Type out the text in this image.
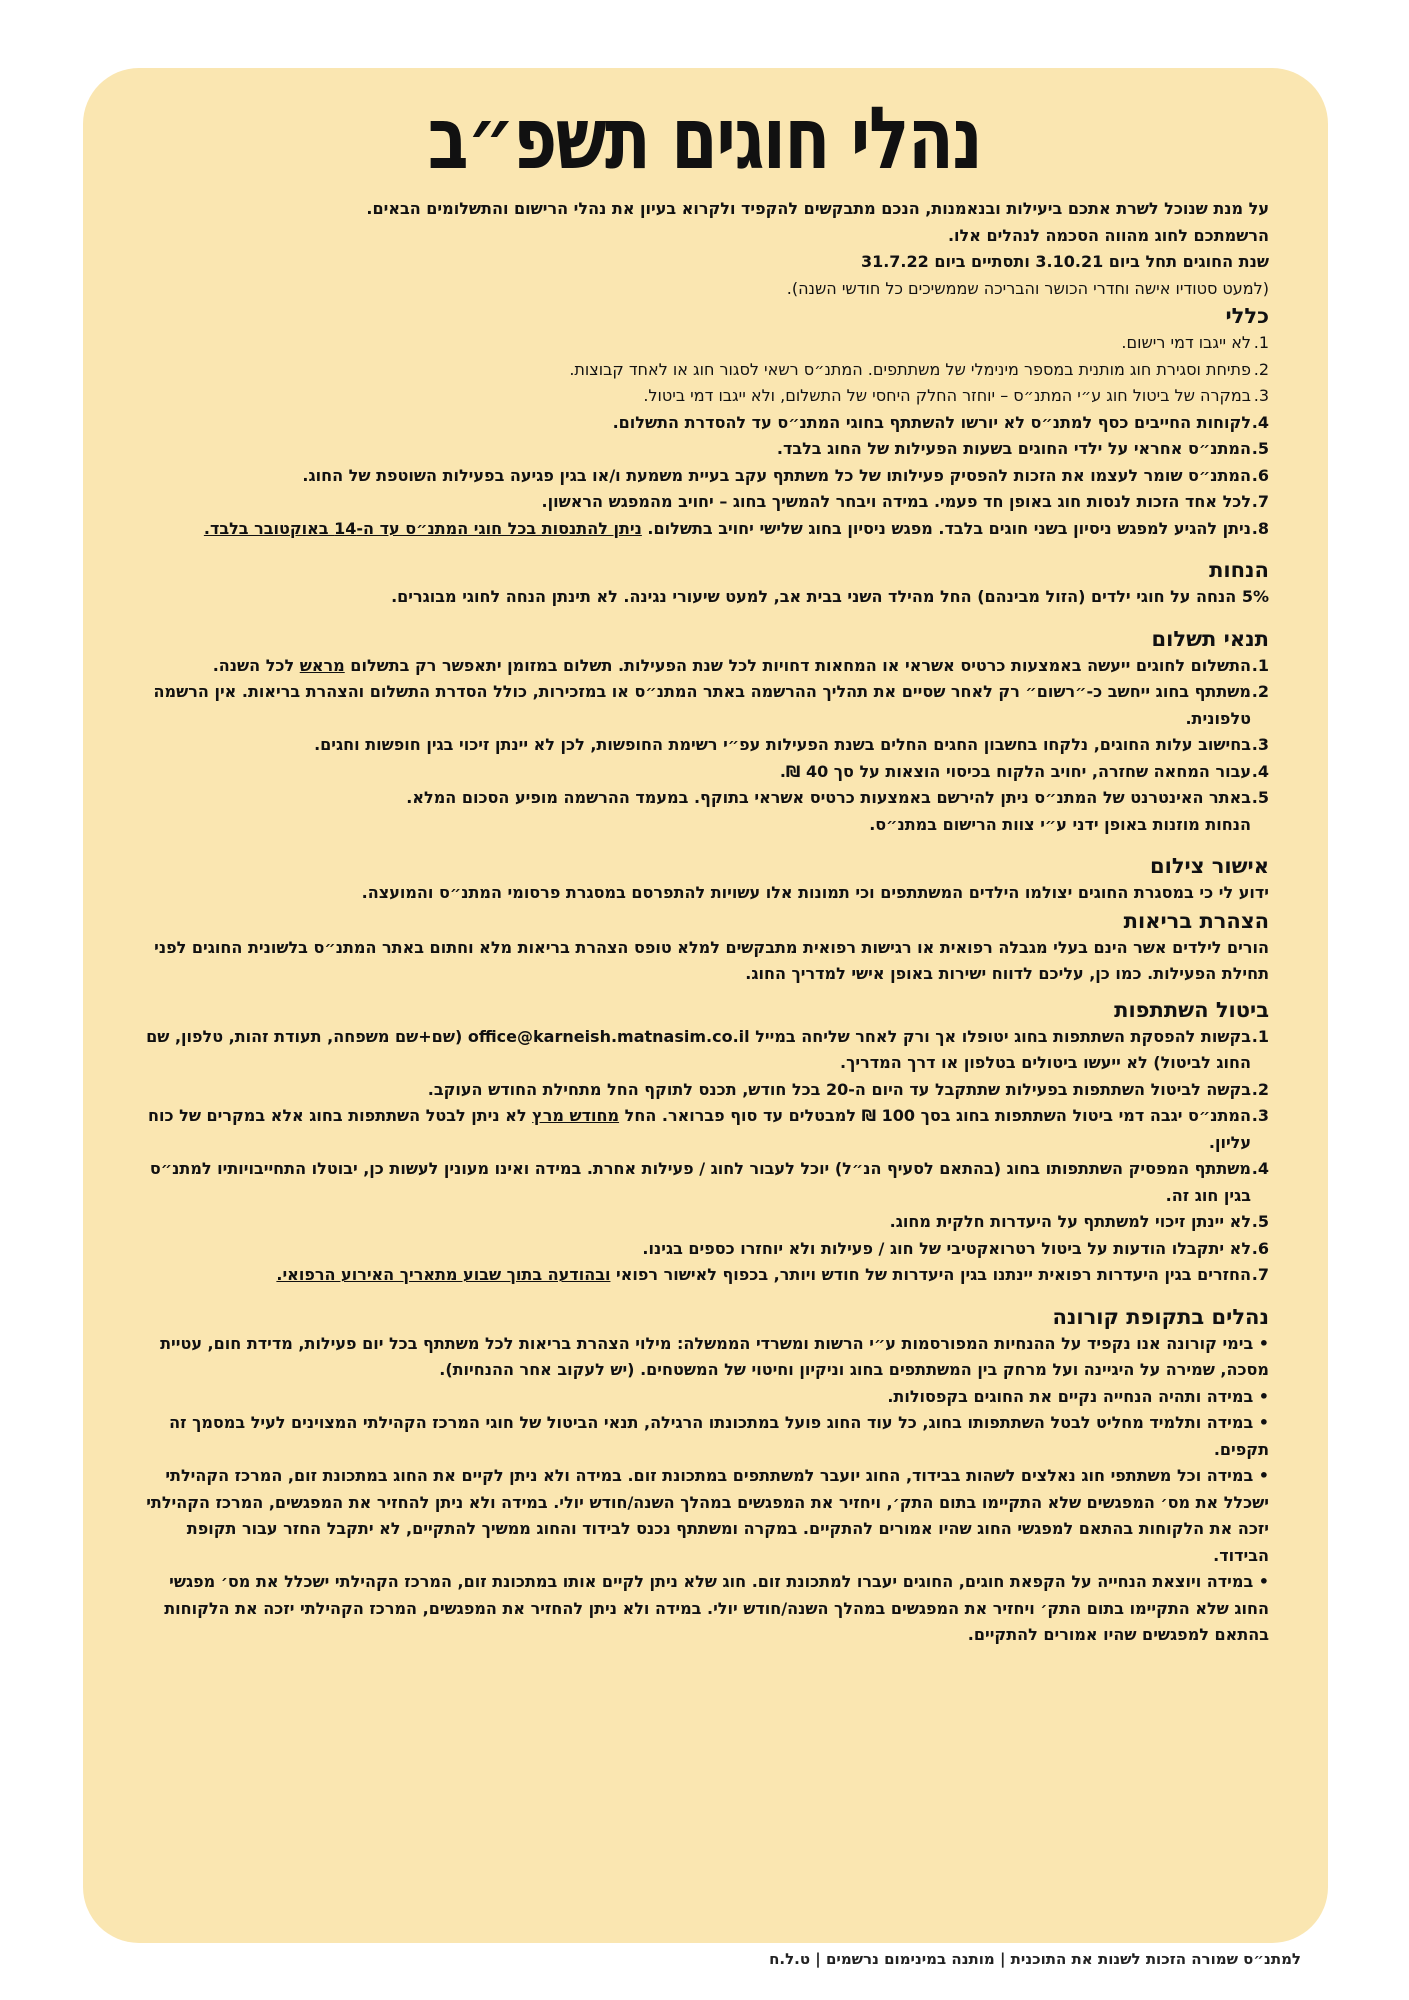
נהלי חוגים תשפ״ב

על מנת שנוכל לשרת אתכם ביעילות ובנאמנות, הנכם מתבקשים להקפיד ולקרוא בעיון את נהלי הרישום והתשלומים הבאים.

הרשמתכם לחוג מהווה הסכמה לנהלים אלו.

שנת החוגים תחל ביום 3.10.21 ותסתיים ביום 31.7.22

(למעט סטודיו אישה וחדרי הכושר והבריכה שממשיכים כל חודשי השנה).

כללי
1.
לא ייגבו דמי רישום.
2.
פתיחת וסגירת חוג מותנית במספר מינימלי של משתתפים. המתנ״ס רשאי לסגור חוג או לאחד קבוצות.
3.
במקרה של ביטול חוג ע״י המתנ״ס – יוחזר החלק היחסי של התשלום, ולא ייגבו דמי ביטול.
4.
לקוחות החייבים כסף למתנ״ס לא יורשו להשתתף בחוגי המתנ״ס עד להסדרת התשלום.
5.
המתנ״ס אחראי על ילדי החוגים בשעות הפעילות של החוג בלבד.
6.
המתנ״ס שומר לעצמו את הזכות להפסיק פעילותו של כל משתתף עקב בעיית משמעת ו/או בגין פגיעה בפעילות השוטפת של החוג.
7.
לכל אחד הזכות לנסות חוג באופן חד פעמי. במידה ויבחר להמשיך בחוג – יחויב מהמפגש הראשון.
8.
ניתן להגיע למפגש ניסיון בשני חוגים בלבד. מפגש ניסיון בחוג שלישי יחויב בתשלום. ניתן להתנסות בכל חוגי המתנ״ס עד ה-14 באוקטובר בלבד.
הנחות

5% הנחה על חוגי ילדים (הזול מבינהם) החל מהילד השני בבית אב, למעט שיעורי נגינה. לא תינתן הנחה לחוגי מבוגרים.

תנאי תשלום
1.
התשלום לחוגים ייעשה באמצעות כרטיס אשראי או המחאות דחויות לכל שנת הפעילות. תשלום במזומן יתאפשר רק בתשלום מראש לכל השנה.
2.
משתתף בחוג ייחשב כ-״רשום״ רק לאחר שסיים את תהליך ההרשמה באתר המתנ״ס או במזכירות, כולל הסדרת התשלום והצהרת בריאות. אין הרשמה טלפונית.
3.
בחישוב עלות החוגים, נלקחו בחשבון החגים החלים בשנת הפעילות עפ״י רשימת החופשות, לכן לא יינתן זיכוי בגין חופשות וחגים.
4.
עבור המחאה שחזרה, יחויב הלקוח בכיסוי הוצאות על סך 40 ₪.
5.
באתר האינטרנט של המתנ״ס ניתן להירשם באמצעות כרטיס אשראי בתוקף. במעמד ההרשמה מופיע הסכום המלא.
הנחות מוזנות באופן ידני ע״י צוות הרישום במתנ״ס.
אישור צילום

ידוע לי כי במסגרת החוגים יצולמו הילדים המשתתפים וכי תמונות אלו עשויות להתפרסם במסגרת פרסומי המתנ״ס והמועצה.

הצהרת בריאות

הורים לילדים אשר הינם בעלי מגבלה רפואית או רגישות רפואית מתבקשים למלא טופס הצהרת בריאות מלא וחתום באתר המתנ״ס בלשונית החוגים לפני תחילת הפעילות. כמו כן, עליכם לדווח ישירות באופן אישי למדריך החוג.

ביטול השתתפות
1.
בקשות להפסקת השתתפות בחוג יטופלו אך ורק לאחר שליחה במייל office@karneish.matnasim.co.il (שם+שם משפחה, תעודת זהות, טלפון, שם החוג לביטול) לא ייעשו ביטולים בטלפון או דרך המדריך.
2.
בקשה לביטול השתתפות בפעילות שתתקבל עד היום ה-20 בכל חודש, תכנס לתוקף החל מתחילת החודש העוקב.
3.
המתנ״ס יגבה דמי ביטול השתתפות בחוג בסך 100 ₪ למבטלים עד סוף פברואר. החל מחודש מרץ לא ניתן לבטל השתתפות בחוג אלא במקרים של כוח עליון.
4.
משתתף המפסיק השתתפותו בחוג (בהתאם לסעיף הנ״ל) יוכל לעבור לחוג / פעילות אחרת. במידה ואינו מעונין לעשות כן, יבוטלו התחייבויותיו למתנ״ס בגין חוג זה.
5.
לא יינתן זיכוי למשתתף על היעדרות חלקית מחוג.
6.
לא יתקבלו הודעות על ביטול רטרואקטיבי של חוג / פעילות ולא יוחזרו כספים בגינו.
7.
החזרים בגין היעדרות רפואית יינתנו בגין היעדרות של חודש ויותר, בכפוף לאישור רפואי ובהודעה בתוך שבוע מתאריך האירוע הרפואי.
נהלים בתקופת קורונה

• בימי קורונה אנו נקפיד על ההנחיות המפורסמות ע״י הרשות ומשרדי הממשלה: מילוי הצהרת בריאות לכל משתתף בכל יום פעילות, מדידת חום, עטיית מסכה, שמירה על היגיינה ועל מרחק בין המשתתפים בחוג וניקיון וחיטוי של המשטחים. (יש לעקוב אחר ההנחיות).

• במידה ותהיה הנחייה נקיים את החוגים בקפסולות.

• במידה ותלמיד מחליט לבטל השתתפותו בחוג, כל עוד החוג פועל במתכונתו הרגילה, תנאי הביטול של חוגי המרכז הקהילתי המצוינים לעיל במסמך זה תקפים.

• במידה וכל משתתפי חוג נאלצים לשהות בבידוד, החוג יועבר למשתתפים במתכונת זום. במידה ולא ניתן לקיים את החוג במתכונת זום, המרכז הקהילתי ישכלל את מס׳ המפגשים שלא התקיימו בתום התק׳, ויחזיר את המפגשים במהלך השנה/חודש יולי. במידה ולא ניתן להחזיר את המפגשים, המרכז הקהילתי יזכה את הלקוחות בהתאם למפגשי החוג שהיו אמורים להתקיים. במקרה ומשתתף נכנס לבידוד והחוג ממשיך להתקיים, לא יתקבל החזר עבור תקופת הבידוד.

• במידה ויוצאת הנחייה על הקפאת חוגים, החוגים יעברו למתכונת זום. חוג שלא ניתן לקיים אותו במתכונת זום, המרכז הקהילתי ישכלל את מס׳ מפגשי החוג שלא התקיימו בתום התק׳ ויחזיר את המפגשים במהלך השנה/חודש יולי. במידה ולא ניתן להחזיר את המפגשים, המרכז הקהילתי יזכה את הלקוחות בהתאם למפגשים שהיו אמורים להתקיים.

למתנ״ס שמורה הזכות לשנות את התוכנית | מותנה במינימום נרשמים | ט.ל.ח
